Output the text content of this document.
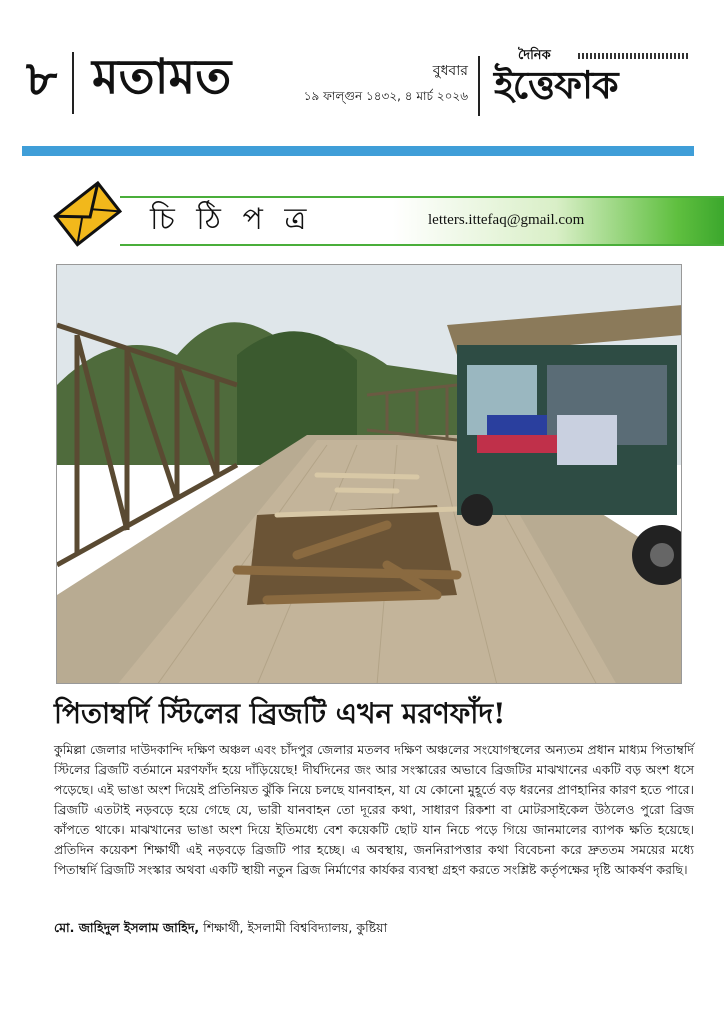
৮ মতামত	বুধবার
১৯ ফাল্গুন ১৪৩২, ৪ মার্চ ২০২৬
দৈনিক
ইত্তেফাক
চি ঠি প ত্র	letters.ittefaq@gmail.com
পিতাম্বর্দি স্টিলের ব্রিজটি এখন মরণফাঁদ!

কুমিল্লা জেলার দাউদকান্দি দক্ষিণ অঞ্চল এবং চাঁদপুর জেলার মতলব দক্ষিণ অঞ্চলের সংযোগস্থলের অন্যতম প্রধান মাধ্যম পিতাম্বর্দি স্টিলের ব্রিজটি বর্তমানে মরণফাঁদ হয়ে দাঁড়িয়েছে! দীর্ঘদিনের জং আর সংস্কারের অভাবে ব্রিজটির মাঝখানের একটি বড় অংশ ধসে পড়েছে। এই ভাঙা অংশ দিয়েই প্রতিনিয়ত ঝুঁকি নিয়ে চলছে যানবাহন, যা যে কোনো মুহূর্তে বড় ধরনের প্রাণহানির কারণ হতে পারে। ব্রিজটি এতটাই নড়বড়ে হয়ে গেছে যে, ভারী যানবাহন তো দূরের কথা, সাধারণ রিকশা বা মোটরসাইকেল উঠলেও পুরো ব্রিজ কাঁপতে থাকে। মাঝখানের ভাঙা অংশ দিয়ে ইতিমধ্যে বেশ কয়েকটি ছোট যান নিচে পড়ে গিয়ে জানমালের ব্যাপক ক্ষতি হয়েছে। প্রতিদিন কয়েকশ শিক্ষার্থী এই নড়বড়ে ব্রিজটি পার হচ্ছে। এ অবস্থায়, জননিরাপত্তার কথা বিবেচনা করে দ্রুততম সময়ের মধ্যে পিতাম্বর্দি ব্রিজটি সংস্কার অথবা একটি স্থায়ী নতুন ব্রিজ নির্মাণের কার্যকর ব্যবস্থা গ্রহণ করতে সংশ্লিষ্ট কর্তৃপক্ষের দৃষ্টি আকর্ষণ করছি।

মো. জাহিদুল ইসলাম জাহিদ, শিক্ষার্থী, ইসলামী বিশ্ববিদ্যালয়, কুষ্টিয়া
